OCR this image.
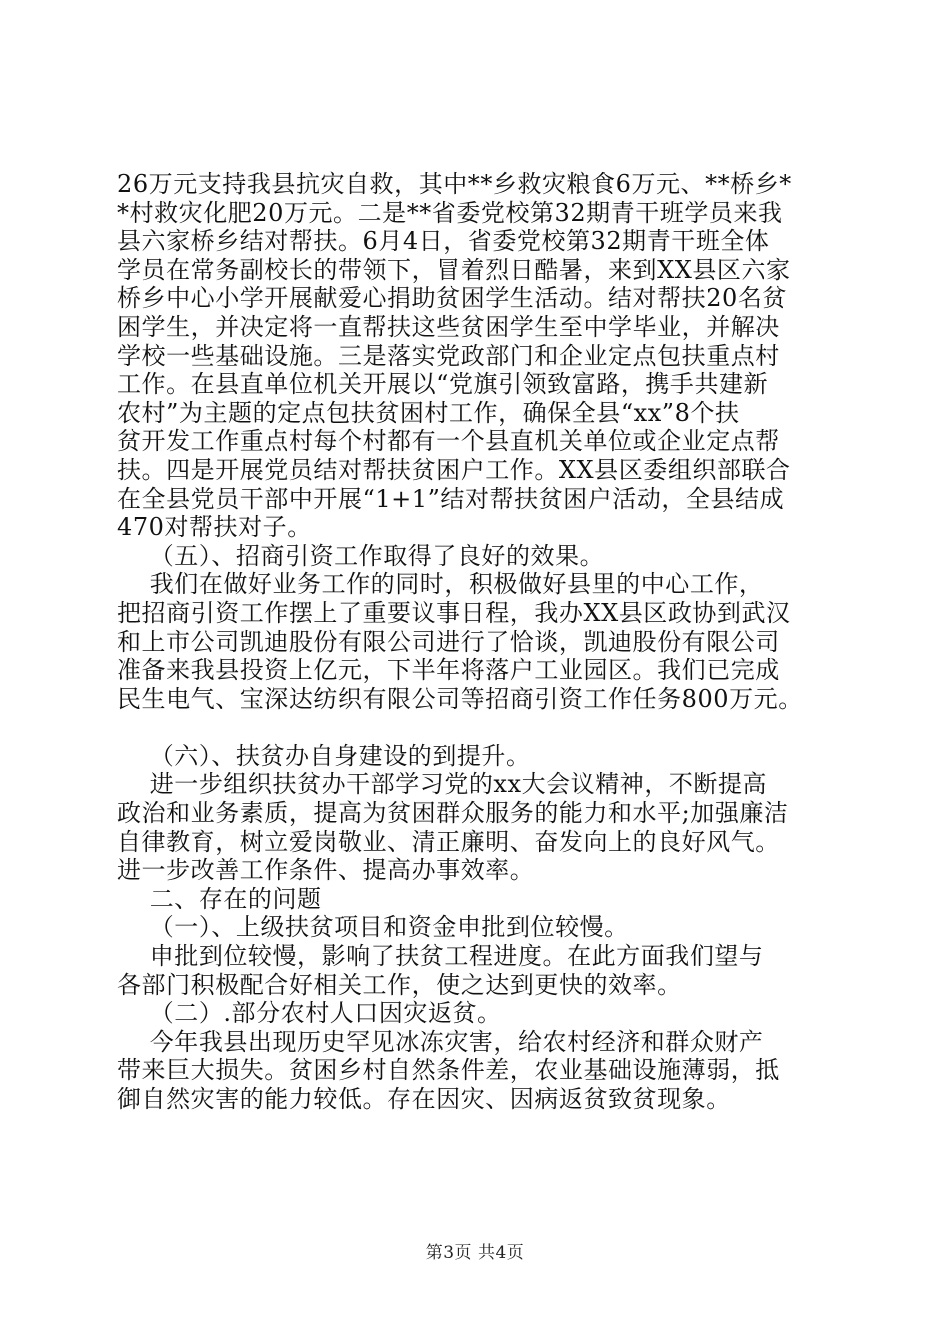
26万元支持我县抗灾自救，其中**乡救灾粮食6万元、**桥乡*
*村救灾化肥20万元。二是**省委党校第32期青干班学员来我
县六家桥乡结对帮扶。6月4日，省委党校第32期青干班全体
学员在常务副校长的带领下，冒着烈日酷暑，来到XX县区六家
桥乡中心小学开展献爱心捐助贫困学生活动。结对帮扶20名贫
困学生，并决定将一直帮扶这些贫困学生至中学毕业，并解决
学校一些基础设施。三是落实党政部门和企业定点包扶重点村
工作。在县直单位机关开展以“党旗引领致富路，携手共建新
农村”为主题的定点包扶贫困村工作，确保全县“xx”8个扶
贫开发工作重点村每个村都有一个县直机关单位或企业定点帮
扶。四是开展党员结对帮扶贫困户工作。XX县区委组织部联合
在全县党员干部中开展“1+1”结对帮扶贫困户活动，全县结成
470对帮扶对子。
（五）、招商引资工作取得了良好的效果。
我们在做好业务工作的同时，积极做好县里的中心工作，
把招商引资工作摆上了重要议事日程，我办XX县区政协到武汉
和上市公司凯迪股份有限公司进行了恰谈，凯迪股份有限公司
准备来我县投资上亿元，下半年将落户工业园区。我们已完成
民生电气、宝深达纺织有限公司等招商引资工作任务800万元。
（六）、扶贫办自身建设的到提升。
进一步组织扶贫办干部学习党的xx大会议精神，不断提高
政治和业务素质，提高为贫困群众服务的能力和水平;加强廉洁
自律教育，树立爱岗敬业、清正廉明、奋发向上的良好风气。
进一步改善工作条件、提高办事效率。
二、存在的问题
（一）、上级扶贫项目和资金申批到位较慢。
申批到位较慢，影响了扶贫工程进度。在此方面我们望与
各部门积极配合好相关工作，使之达到更快的效率。
（二）.部分农村人口因灾返贫。
今年我县出现历史罕见冰冻灾害，给农村经济和群众财产
带来巨大损失。贫困乡村自然条件差，农业基础设施薄弱，抵
御自然灾害的能力较低。存在因灾、因病返贫致贫现象。
第3页 共4页
